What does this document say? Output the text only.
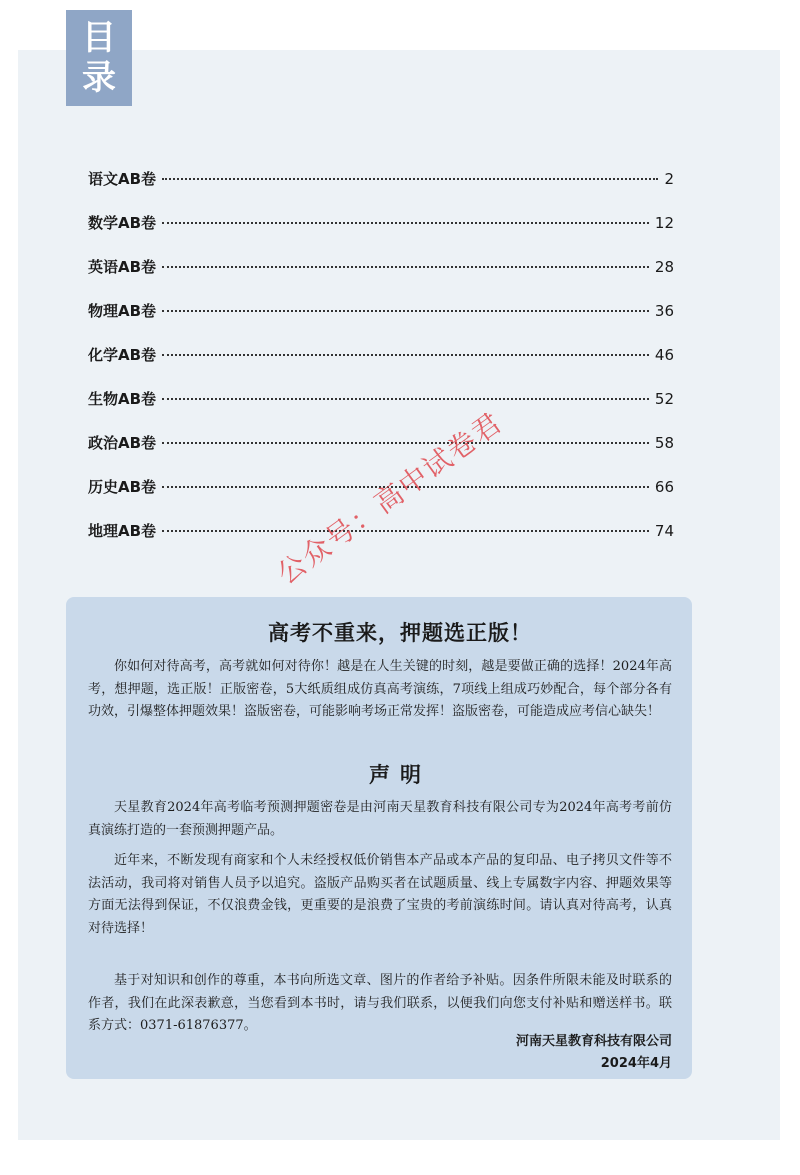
目
录
语文AB卷	2
数学AB卷	12
英语AB卷	28
物理AB卷	36
化学AB卷	46
生物AB卷	52
政治AB卷	58
历史AB卷	66
地理AB卷	74
高考不重来，押题选正版！

你如何对待高考，高考就如何对待你！越是在人生关键的时刻，越是要做正确的选择！2024年高考，想押题，选正版！正版密卷，5大纸质组成仿真高考演练，7项线上组成巧妙配合，每个部分各有功效，引爆整体押题效果！盗版密卷，可能影响考场正常发挥！盗版密卷，可能造成应考信心缺失！

声明

天星教育2024年高考临考预测押题密卷是由河南天星教育科技有限公司专为2024年高考考前仿真演练打造的一套预测押题产品。

近年来，不断发现有商家和个人未经授权低价销售本产品或本产品的复印品、电子拷贝文件等不法活动，我司将对销售人员予以追究。盗版产品购买者在试题质量、线上专属数字内容、押题效果等方面无法得到保证，不仅浪费金钱，更重要的是浪费了宝贵的考前演练时间。请认真对待高考，认真对待选择！

基于对知识和创作的尊重，本书向所选文章、图片的作者给予补贴。因条件所限未能及时联系的作者，我们在此深表歉意，当您看到本书时，请与我们联系，以便我们向您支付补贴和赠送样书。联系方式：0371-61876377。

河南天星教育科技有限公司
2024年4月
公众号：高中试卷君
